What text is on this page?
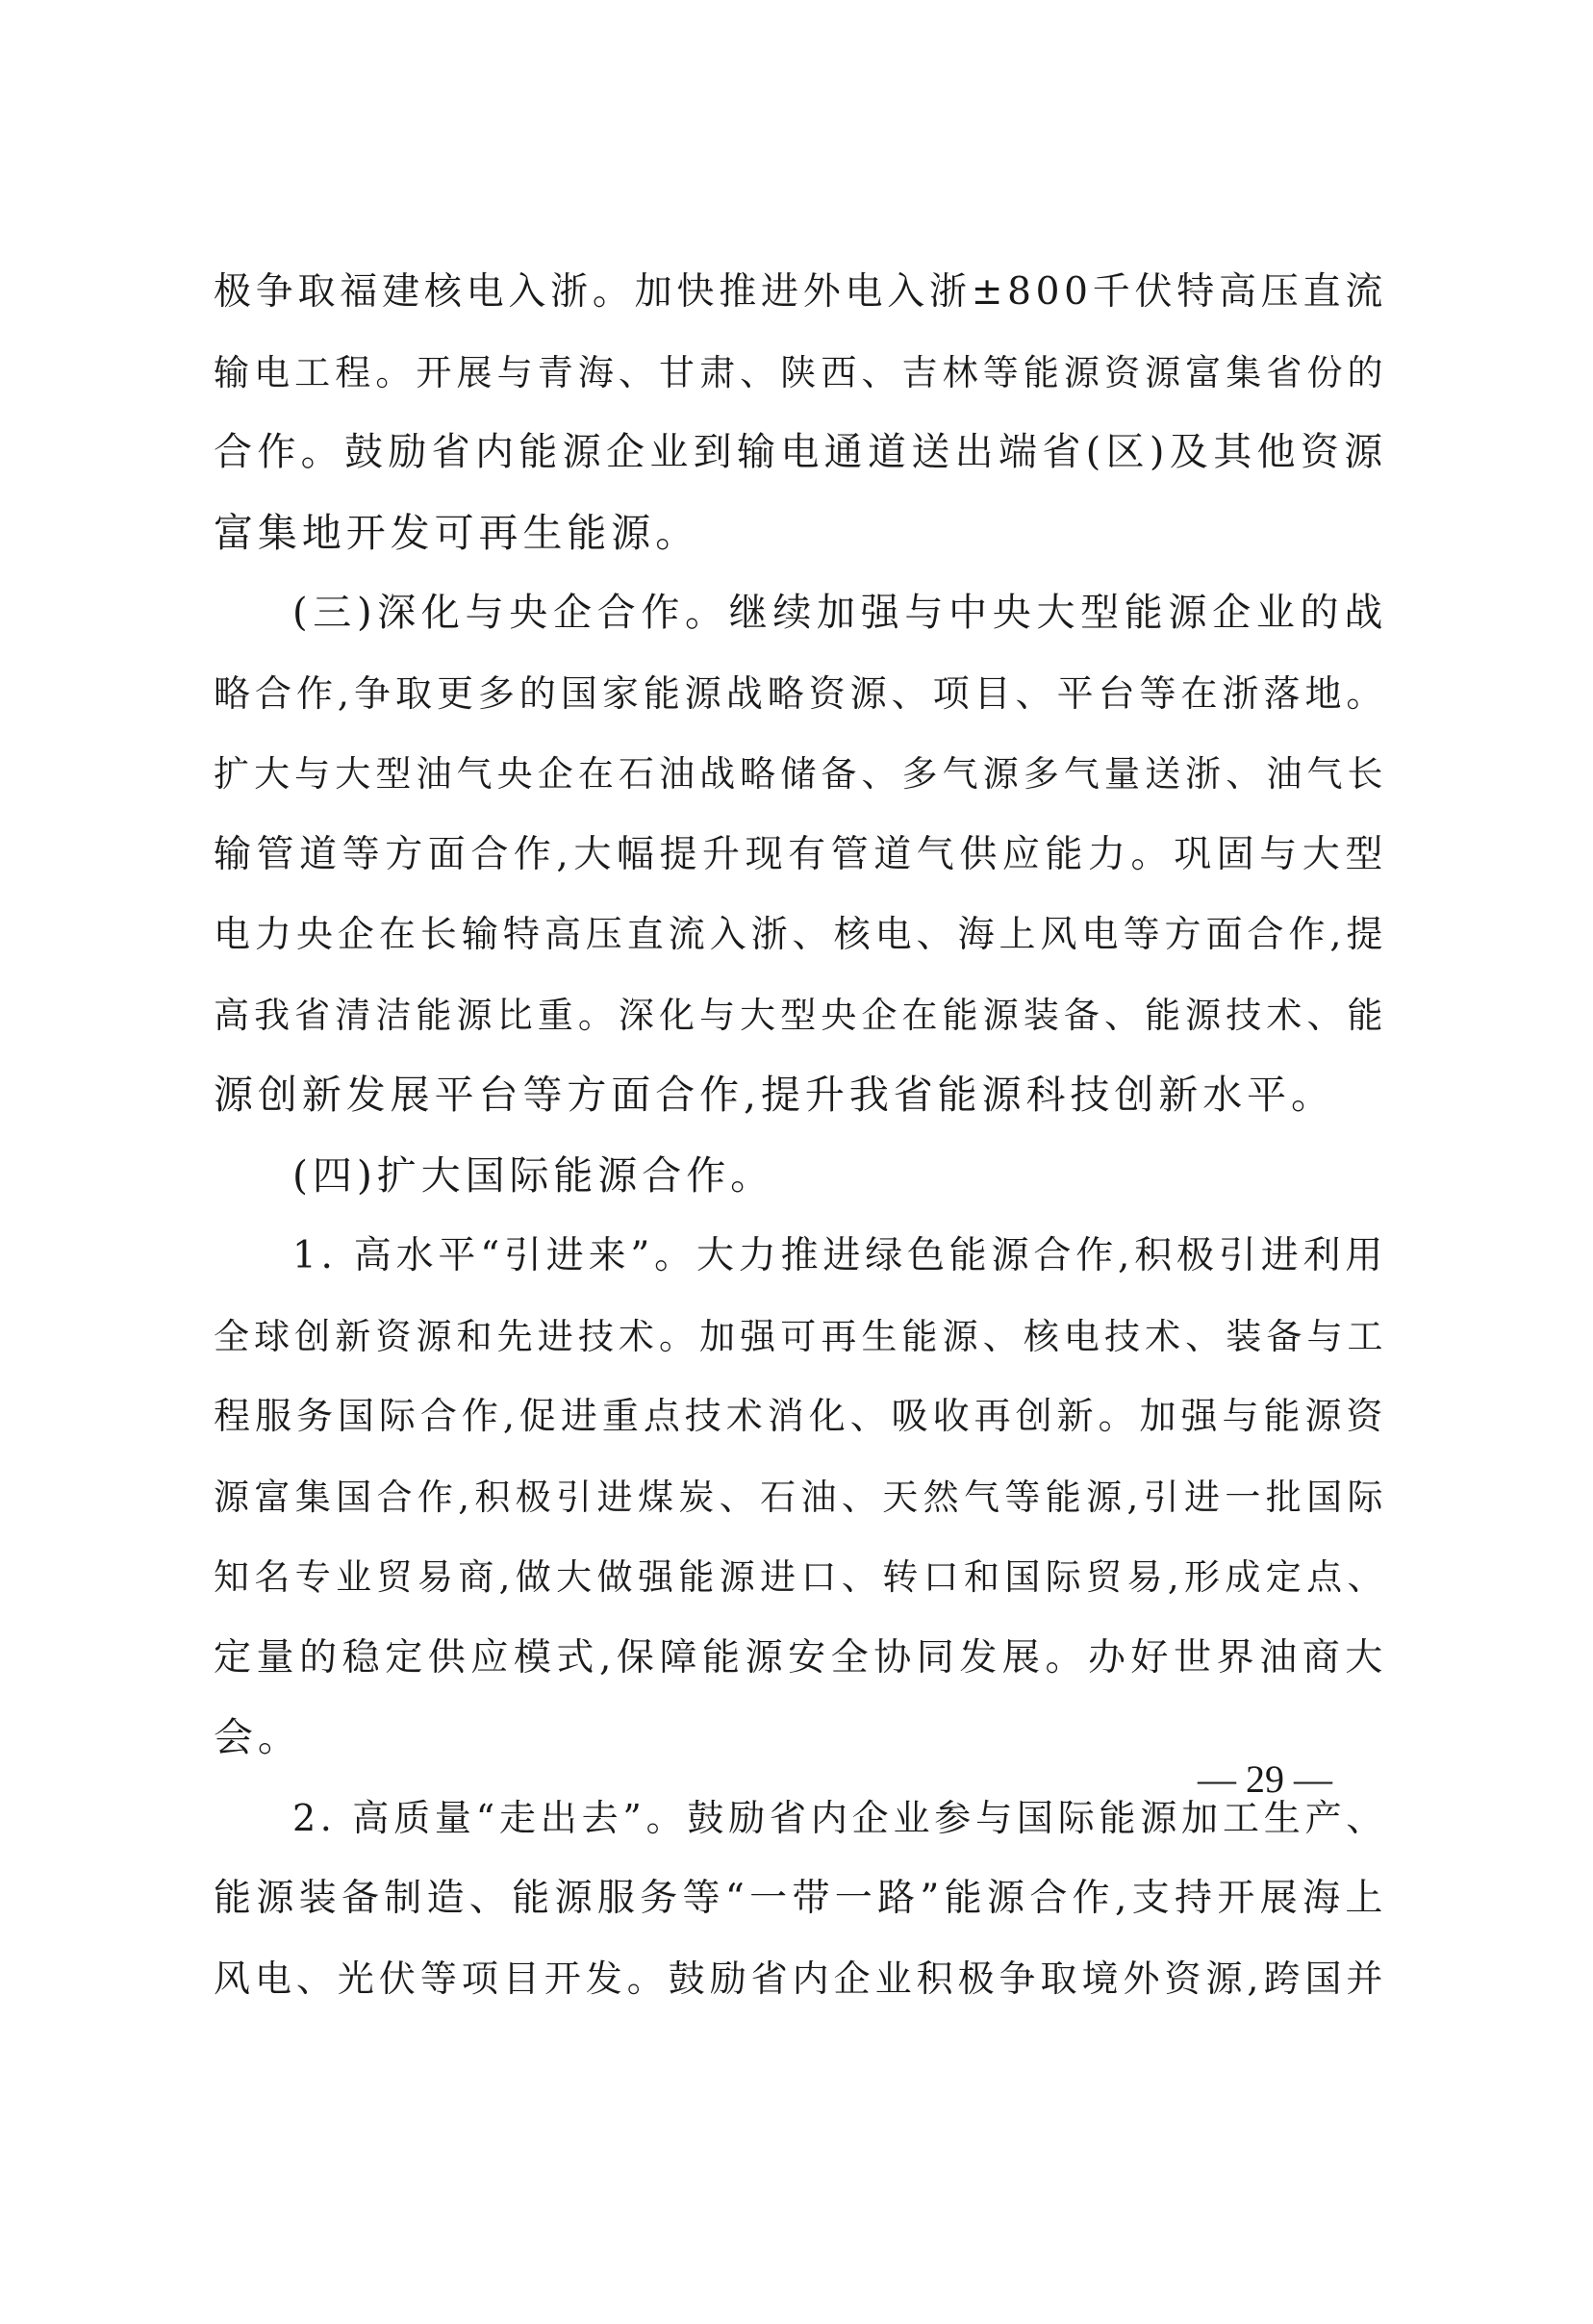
极争取福建核电入浙。加快推进外电入浙±800千伏特高压直流
输电工程。开展与青海、甘肃、陕西、吉林等能源资源富集省份的
合作。鼓励省内能源企业到输电通道送出端省(区)及其他资源
富集地开发可再生能源。
(三)深化与央企合作。继续加强与中央大型能源企业的战
略合作,争取更多的国家能源战略资源、项目、平台等在浙落地。
扩大与大型油气央企在石油战略储备、多气源多气量送浙、油气长
输管道等方面合作,大幅提升现有管道气供应能力。巩固与大型
电力央企在长输特高压直流入浙、核电、海上风电等方面合作,提
高我省清洁能源比重。深化与大型央企在能源装备、能源技术、能
源创新发展平台等方面合作,提升我省能源科技创新水平。
(四)扩大国际能源合作。
1. 高水平“引进来”。大力推进绿色能源合作,积极引进利用
全球创新资源和先进技术。加强可再生能源、核电技术、装备与工
程服务国际合作,促进重点技术消化、吸收再创新。加强与能源资
源富集国合作,积极引进煤炭、石油、天然气等能源,引进一批国际
知名专业贸易商,做大做强能源进口、转口和国际贸易,形成定点、
定量的稳定供应模式,保障能源安全协同发展。办好世界油商大
会。
2. 高质量“走出去”。鼓励省内企业参与国际能源加工生产、
能源装备制造、能源服务等“一带一路”能源合作,支持开展海上
风电、光伏等项目开发。鼓励省内企业积极争取境外资源,跨国并
— 29 —
